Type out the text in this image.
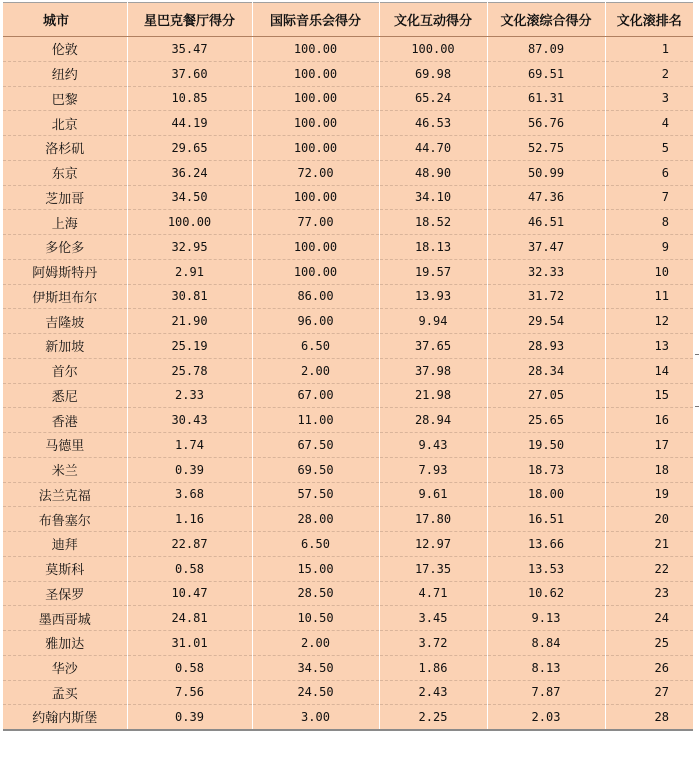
城市	星巴克餐厅得分	国际音乐会得分	文化互动得分	文化滚综合得分	文化滚排名
伦敦	35.47	100.00	100.00	87.09	1
纽约	37.60	100.00	69.98	69.51	2
巴黎	10.85	100.00	65.24	61.31	3
北京	44.19	100.00	46.53	56.76	4
洛杉矶	29.65	100.00	44.70	52.75	5
东京	36.24	72.00	48.90	50.99	6
芝加哥	34.50	100.00	34.10	47.36	7
上海	100.00	77.00	18.52	46.51	8
多伦多	32.95	100.00	18.13	37.47	9
阿姆斯特丹	2.91	100.00	19.57	32.33	10
伊斯坦布尔	30.81	86.00	13.93	31.72	11
吉隆坡	21.90	96.00	9.94	29.54	12
新加坡	25.19	6.50	37.65	28.93	13
首尔	25.78	2.00	37.98	28.34	14
悉尼	2.33	67.00	21.98	27.05	15
香港	30.43	11.00	28.94	25.65	16
马德里	1.74	67.50	9.43	19.50	17
米兰	0.39	69.50	7.93	18.73	18
法兰克福	3.68	57.50	9.61	18.00	19
布鲁塞尔	1.16	28.00	17.80	16.51	20
迪拜	22.87	6.50	12.97	13.66	21
莫斯科	0.58	15.00	17.35	13.53	22
圣保罗	10.47	28.50	4.71	10.62	23
墨西哥城	24.81	10.50	3.45	9.13	24
雅加达	31.01	2.00	3.72	8.84	25
华沙	0.58	34.50	1.86	8.13	26
孟买	7.56	24.50	2.43	7.87	27
约翰内斯堡	0.39	3.00	2.25	2.03	28
